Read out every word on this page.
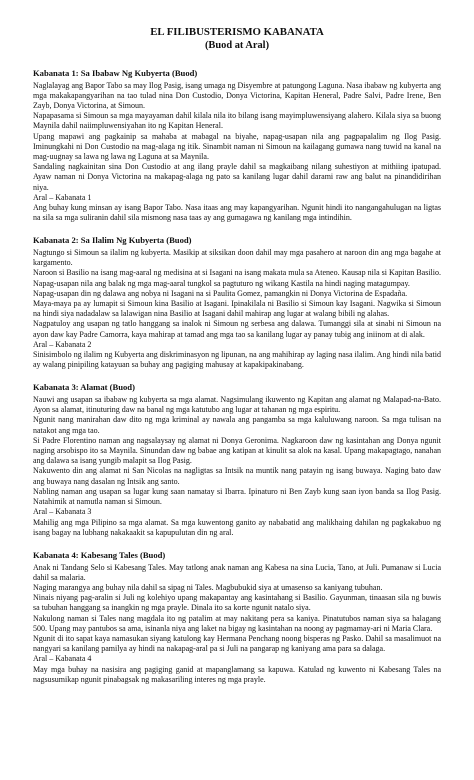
EL FILIBUSTERISMO KABANATA
(Buod at Aral)
Kabanata 1: Sa Ibabaw Ng Kubyerta (Buod)

Naglalayag ang Bapor Tabo sa may Ilog Pasig, isang umaga ng Disyembre at patungong Laguna. Nasa ibabaw ng kubyerta ang mga makakapangyarihan na tao tulad nina Don Custodio, Donya Victorina, Kapitan Heneral, Padre Salvi, Padre Irene, Ben Zayb, Donya Victorina, at Simoun.

Napapasama si Simoun sa mga mayayaman dahil kilala nila ito bilang isang mayimpluwensiyang alahero. Kilala siya sa buong Maynila dahil naiimpluwensiyahan ito ng Kapitan Heneral.

Upang mapawi ang pagkainip sa mahaba at mabagal na biyahe, napag-usapan nila ang pagpapalalim ng Ilog Pasig. Iminungkahi ni Don Custodio na mag-alaga ng itik. Sinambit naman ni Simoun na kailagang gumawa nang tuwid na kanal na mag-uugnay sa lawa ng lawa ng Laguna at sa Maynila.

Sandaling nagkainitan sina Don Custodio at ang ilang prayle dahil sa magkaibang nilang suhestiyon at mithiing ipatupad. Ayaw naman ni Donya Victorina na makapag-alaga ng pato sa kanilang lugar dahil darami raw ang balut na pinandidirihan niya.

Aral – Kabanata 1

Ang buhay kung minsan ay isang Bapor Tabo. Nasa itaas ang may kapangyarihan. Ngunit hindi ito nangangahulugan na ligtas na sila sa mga suliranin dahil sila mismong nasa taas ay ang gumagawa ng kanilang mga intindihin.

Kabanata 2: Sa Ilalim Ng Kubyerta (Buod)

Nagtungo si Simoun sa ilalim ng kubyerta. Masikip at siksikan doon dahil may mga pasahero at naroon din ang mga bagahe at kargamento.

Naroon si Basilio na isang mag-aaral ng medisina at si Isagani na isang makata mula sa Ateneo. Kausap nila si Kapitan Basilio. Napag-usapan nila ang balak ng mga mag-aaral tungkol sa pagtuturo ng wikang Kastila na hindi naging matagumpay.

Napag-usapan din ng dalawa ang nobya ni Isagani na si Paulita Gomez, pamangkin ni Donya Victorina de Espadaña.

Maya-maya pa ay lumapit si Simoun kina Basilio at Isagani. Ipinakilala ni Basilio si Simoun kay Isagani. Nagwika si Simoun na hindi siya nadadalaw sa lalawigan nina Basilio at Isagani dahil mahirap ang lugar at walang bibili ng alahas.

Nagpatuloy ang usapan ng tatlo hanggang sa inalok ni Simoun ng serbesa ang dalawa. Tumanggi sila at sinabi ni Simoun na ayon daw kay Padre Camorra, kaya mahirap at tamad ang mga tao sa kanilang lugar ay panay tubig ang iniinom at di alak.

Aral – Kabanata 2

Sinisimbolo ng ilalim ng Kubyerta ang diskriminasyon ng lipunan, na ang mahihirap ay laging nasa ilalim. Ang hindi nila batid ay walang pinipiling katayuan sa buhay ang pagiging mahusay at kapakipakinabang.

Kabanata 3: Alamat (Buod)

Nauwi ang usapan sa ibabaw ng kubyerta sa mga alamat. Nagsimulang ikuwento ng Kapitan ang alamat ng Malapad-na-Bato. Ayon sa alamat, itinuturing daw na banal ng mga katutubo ang lugar at tahanan ng mga espiritu.

Ngunit nang manirahan daw dito ng mga kriminal ay nawala ang pangamba sa mga kaluluwang naroon. Sa mga tulisan na natakot ang mga tao.

Si Padre Florentino naman ang nagsalaysay ng alamat ni Donya Geronima. Nagkaroon daw ng kasintahan ang Donya ngunit naging arsobispo ito sa Maynila. Sinundan daw ng babae ang katipan at kinulit sa alok na kasal. Upang makapagtago, nanahan ang dalawa sa isang yungib malapit sa Ilog Pasig.

Nakuwento din ang alamat ni San Nicolas na nagligtas sa Intsik na muntik nang patayin ng isang buwaya. Naging bato daw ang buwaya nang dasalan ng Intsik ang santo.

Nabling naman ang usapan sa lugar kung saan namatay si Ibarra. Ipinaturo ni Ben Zayb kung saan iyon banda sa Ilog Pasig. Natahimik at namutla naman si Simoun.

Aral – Kabanata 3

Mahilig ang mga Pilipino sa mga alamat. Sa mga kuwentong ganito ay nababatid ang malikhaing dahilan ng pagkakabuo ng isang bagay na lubhang nakakaakit sa kapupulutan din ng aral.

Kabanata 4: Kabesang Tales (Buod)

Anak ni Tandang Selo si Kabesang Tales. May tatlong anak naman ang Kabesa na sina Lucia, Tano, at Juli. Pumanaw si Lucia dahil sa malaria.

Naging marangya ang buhay nila dahil sa sipag ni Tales. Magbubukid siya at umasenso sa kaniyang tubuhan.

Ninais niyang pag-aralin si Juli ng kolehiyo upang makapantay ang kasintahang si Basilio. Gayunman, tinaasan sila ng buwis sa tubuhan hanggang sa inangkin ng mga prayle. Dinala ito sa korte ngunit natalo siya.

Nakulong naman si Tales nang magdala ito ng patalim at may nakitang pera sa kaniya. Pinatutubos naman siya sa halagang 500. Upang may pantubos sa ama, isinanla niya ang laket na bigay ng kasintahan na noong ay pagmamay-ari ni Maria Clara.

Ngunit di ito sapat kaya namasukan siyang katulong kay Hermana Penchang noong bisperas ng Pasko. Dahil sa masalimuot na nangyari sa kanilang pamilya ay hindi na nakapag-aral pa si Juli na pangarap ng kaniyang ama para sa dalaga.

Aral – Kabanata 4

May mga buhay na nasisira ang pagiging ganid at mapanglamang sa kapuwa. Katulad ng kuwento ni Kabesang Tales na nagsusumikap ngunit pinabagsak ng makasariling interes ng mga prayle.
